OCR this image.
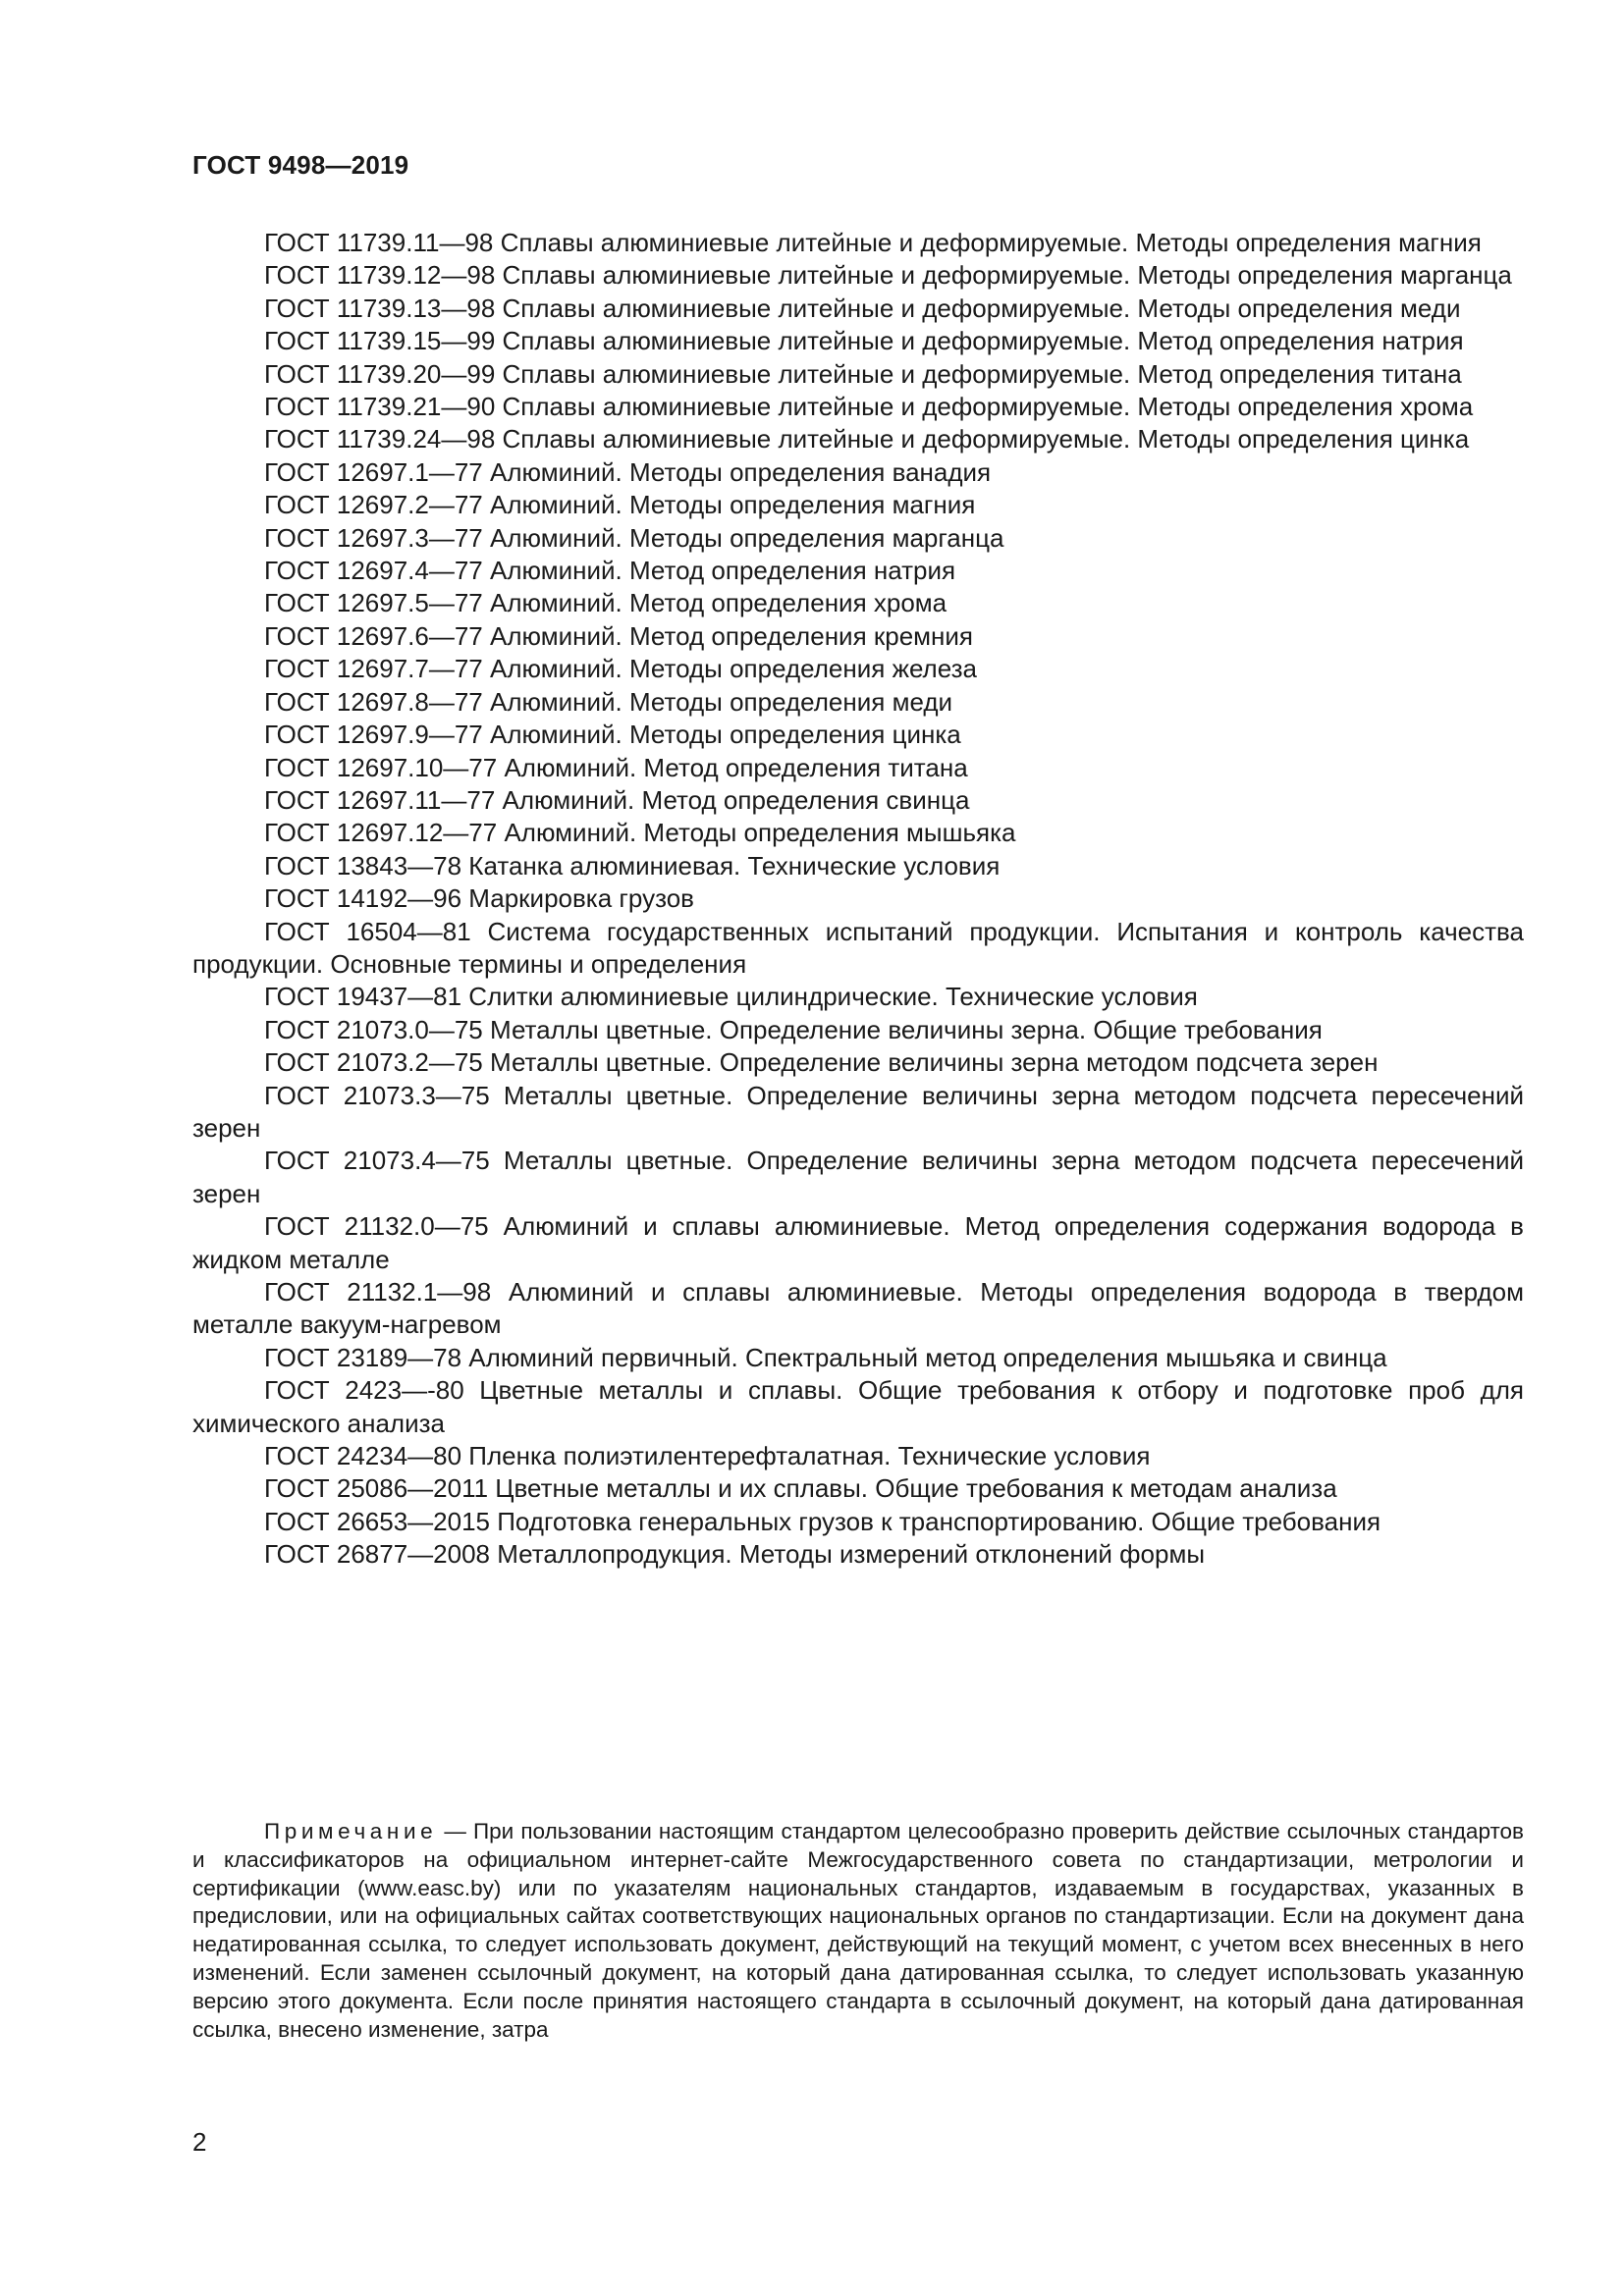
ГОСТ 9498—2019

ГОСТ 11739.11—98 Сплавы алюминиевые литейные и деформируемые. Методы определения магния
ГОСТ 11739.12—98 Сплавы алюминиевые литейные и деформируемые. Методы определения марганца
ГОСТ 11739.13—98 Сплавы алюминиевые литейные и деформируемые. Методы определения меди
ГОСТ 11739.15—99 Сплавы алюминиевые литейные и деформируемые. Метод определения натрия
ГОСТ 11739.20—99 Сплавы алюминиевые литейные и деформируемые. Метод определения титана
ГОСТ 11739.21—90 Сплавы алюминиевые литейные и деформируемые. Методы определения хрома
ГОСТ 11739.24—98 Сплавы алюминиевые литейные и деформируемые. Методы определения цинка
ГОСТ 12697.1—77 Алюминий. Методы определения ванадия
ГОСТ 12697.2—77 Алюминий. Методы определения магния
ГОСТ 12697.3—77 Алюминий. Методы определения марганца
ГОСТ 12697.4—77 Алюминий. Метод определения натрия
ГОСТ 12697.5—77 Алюминий. Метод определения хрома
ГОСТ 12697.6—77 Алюминий. Метод определения кремния
ГОСТ 12697.7—77 Алюминий. Методы определения железа
ГОСТ 12697.8—77 Алюминий. Методы определения меди
ГОСТ 12697.9—77 Алюминий. Методы определения цинка
ГОСТ 12697.10—77 Алюминий. Метод определения титана
ГОСТ 12697.11—77 Алюминий. Метод определения свинца
ГОСТ 12697.12—77 Алюминий. Методы определения мышьяка
ГОСТ 13843—78 Катанка алюминиевая. Технические условия
ГОСТ 14192—96 Маркировка грузов
ГОСТ 16504—81 Система государственных испытаний продукции. Испытания и контроль качества продукции. Основные термины и определения
ГОСТ 19437—81 Слитки алюминиевые цилиндрические. Технические условия
ГОСТ 21073.0—75 Металлы цветные. Определение величины зерна. Общие требования
ГОСТ 21073.2—75 Металлы цветные. Определение величины зерна методом подсчета зерен
ГОСТ 21073.3—75 Металлы цветные. Определение величины зерна методом подсчета пересечений зерен
ГОСТ 21073.4—75 Металлы цветные. Определение величины зерна методом подсчета пересечений зерен
ГОСТ 21132.0—75 Алюминий и сплавы алюминиевые. Метод определения содержания водорода в жидком металле
ГОСТ 21132.1—98 Алюминий и сплавы алюминиевые. Методы определения водорода в твердом металле вакуум-нагревом
ГОСТ 23189—78 Алюминий первичный. Спектральный метод определения мышьяка и свинца
ГОСТ 2423—-80 Цветные металлы и сплавы. Общие требования к отбору и подготовке проб для химического анализа
ГОСТ 24234—80 Пленка полиэтилентерефталатная. Технические условия
ГОСТ 25086—2011 Цветные металлы и их сплавы. Общие требования к методам анализа
ГОСТ 26653—2015 Подготовка генеральных грузов к транспортированию. Общие требования
ГОСТ 26877—2008 Металлопродукция. Методы измерений отклонений формы

Примечание — При пользовании настоящим стандартом целесообразно проверить действие ссылочных стандартов и классификаторов на официальном интернет-сайте Межгосударственного совета по стандартизации, метрологии и сертификации (www.easc.by) или по указателям национальных стандартов, издаваемым в государствах, указанных в предисловии, или на официальных сайтах соответствующих национальных органов по стандартизации. Если на документ дана недатированная ссылка, то следует использовать документ, действующий на текущий момент, с учетом всех внесенных в него изменений. Если заменен ссылочный документ, на который дана датированная ссылка, то следует использовать указанную версию этого документа. Если после принятия настоящего стандарта в ссылочный документ, на который дана датированная ссылка, внесено изменение, затра

2
